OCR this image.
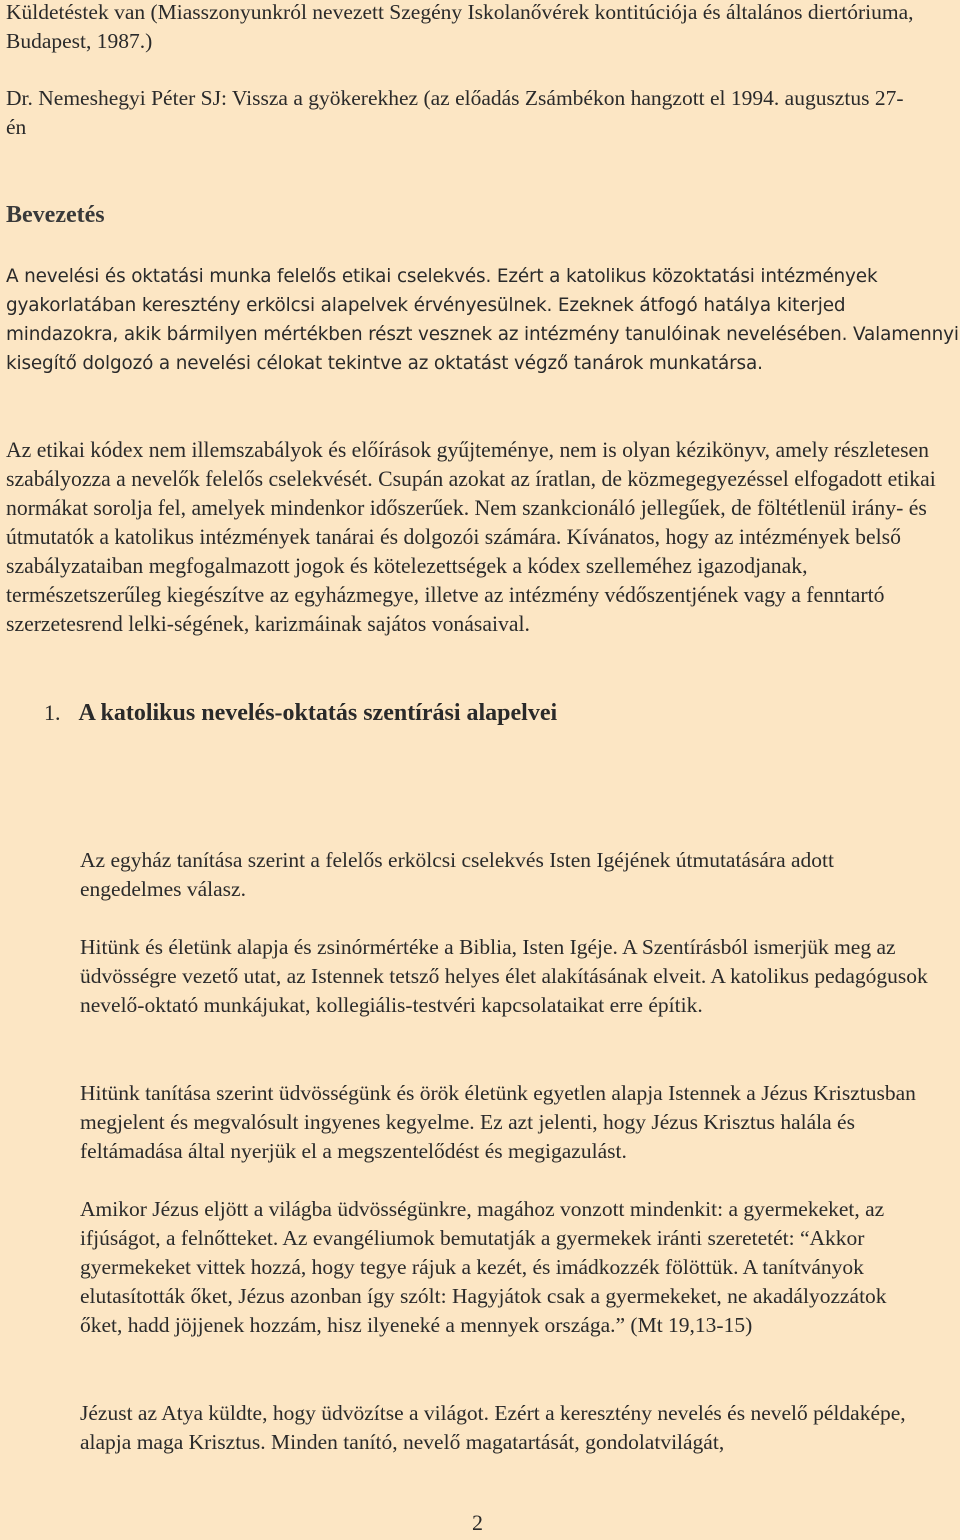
Küldetéstek van (Miasszonyunkról nevezett Szegény Iskolanővérek kontitúciója és általános diertóriuma, Budapest, 1987.)

Dr. Nemeshegyi Péter SJ: Vissza a gyökerekhez (az előadás Zsámbékon hangzott el 1994. augusztus 27-én

Bevezetés

A nevelési és oktatási munka felelős etikai cselekvés. Ezért a katolikus közoktatási intézmények gyakorlatában keresztény erkölcsi alapelvek érvényesülnek. Ezeknek átfogó hatálya kiterjed mindazokra, akik bármilyen mértékben részt vesznek az intézmény tanulóinak nevelésében. Valamennyi kisegítő dolgozó a nevelési célokat tekintve az oktatást végző tanárok munkatársa.

Az etikai kódex nem illemszabályok és előírások gyűjteménye, nem is olyan kézikönyv, amely részletesen szabályozza a nevelők felelős cselekvését. Csupán azokat az íratlan, de közmegegyezéssel elfogadott etikai normákat sorolja fel, amelyek mindenkor időszerűek. Nem szankcionáló jellegűek, de föltétlenül irány- és útmutatók a katolikus intézmények tanárai és dolgozói számára. Kívánatos, hogy az intézmények belső szabályzataiban megfogalmazott jogok és kötelezettségek a kódex szelleméhez igazodjanak, természetszerűleg kiegészítve az egyházmegye, illetve az intézmény védőszentjének vagy a fenntartó szerzetesrend lelki-ségének, karizmáinak sajátos vonásaival.

1. A katolikus nevelés-oktatás szentírási alapelvei

Az egyház tanítása szerint a felelős erkölcsi cselekvés Isten Igéjének útmutatására adott engedelmes válasz.

Hitünk és életünk alapja és zsinórmértéke a Biblia, Isten Igéje. A Szentírásból ismerjük meg az üdvösségre vezető utat, az Istennek tetsző helyes élet alakításának elveit. A katolikus pedagógusok nevelő-oktató munkájukat, kollegiális-testvéri kapcsolataikat erre építik.

Hitünk tanítása szerint üdvösségünk és örök életünk egyetlen alapja Istennek a Jézus Krisztusban megjelent és megvalósult ingyenes kegyelme. Ez azt jelenti, hogy Jézus Krisztus halála és feltámadása által nyerjük el a megszentelődést és megigazulást.

Amikor Jézus eljött a világba üdvösségünkre, magához vonzott mindenkit: a gyermekeket, az ifjúságot, a felnőtteket. Az evangéliumok bemutatják a gyermekek iránti szeretetét: “Akkor gyermekeket vittek hozzá, hogy tegye rájuk a kezét, és imádkozzék fölöttük. A tanítványok elutasították őket, Jézus azonban így szólt: Hagyjátok csak a gyermekeket, ne akadályozzátok őket, hadd jöjjenek hozzám, hisz ilyeneké a mennyek országa.” (Mt 19,13-15)

Jézust az Atya küldte, hogy üdvözítse a világot. Ezért a keresztény nevelés és nevelő példaképe, alapja maga Krisztus. Minden tanító, nevelő magatartását, gondolatvilágát,

2
